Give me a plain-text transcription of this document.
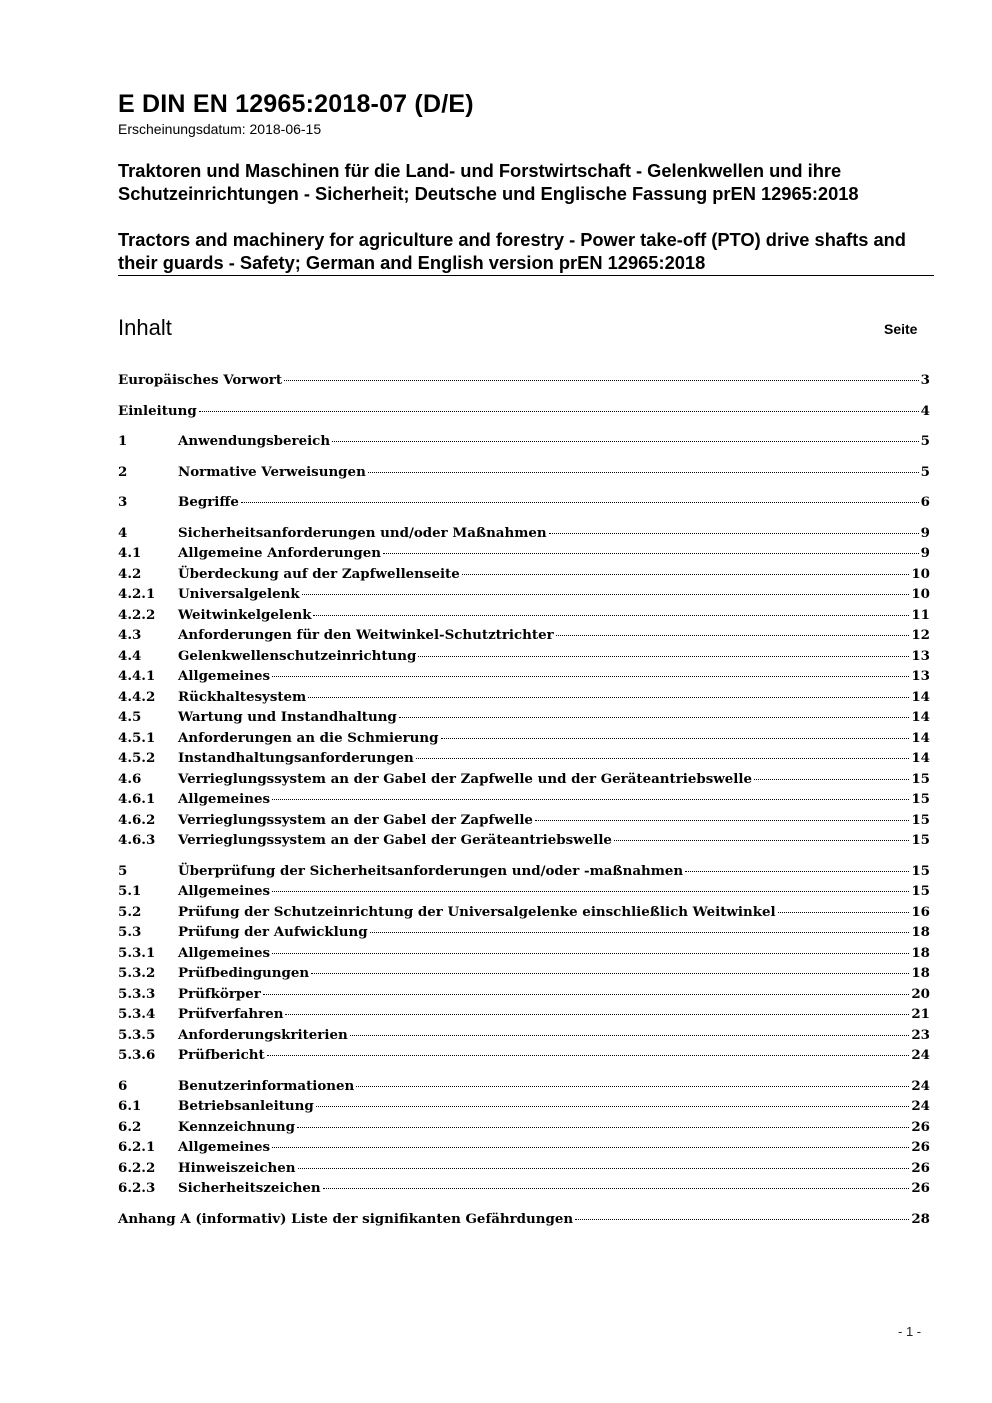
E DIN EN 12965:2018-07 (D/E)
Erscheinungsdatum: 2018-06-15
Traktoren und Maschinen für die Land- und Forstwirtschaft - Gelenkwellen und ihre Schutzeinrichtungen - Sicherheit; Deutsche und Englische Fassung prEN 12965:2018
Tractors and machinery for agriculture and forestry - Power take-off (PTO) drive shafts and their guards - Safety; German and English version prEN 12965:2018
Inhalt	Seite
Europäisches Vorwort	3
Einleitung	4
1	Anwendungsbereich	5
2	Normative Verweisungen	5
3	Begriffe	6
4	Sicherheitsanforderungen und/oder Maßnahmen	9
4.1	Allgemeine Anforderungen	9
4.2	Überdeckung auf der Zapfwellenseite	10
4.2.1	Universalgelenk	10
4.2.2	Weitwinkelgelenk	11
4.3	Anforderungen für den Weitwinkel-Schutztrichter	12
4.4	Gelenkwellenschutzeinrichtung	13
4.4.1	Allgemeines	13
4.4.2	Rückhaltesystem	14
4.5	Wartung und Instandhaltung	14
4.5.1	Anforderungen an die Schmierung	14
4.5.2	Instandhaltungsanforderungen	14
4.6	Verrieglungssystem an der Gabel der Zapfwelle und der Geräteantriebswelle	15
4.6.1	Allgemeines	15
4.6.2	Verrieglungssystem an der Gabel der Zapfwelle	15
4.6.3	Verrieglungssystem an der Gabel der Geräteantriebswelle	15
5	Überprüfung der Sicherheitsanforderungen und/oder -maßnahmen	15
5.1	Allgemeines	15
5.2	Prüfung der Schutzeinrichtung der Universalgelenke einschließlich Weitwinkel	16
5.3	Prüfung der Aufwicklung	18
5.3.1	Allgemeines	18
5.3.2	Prüfbedingungen	18
5.3.3	Prüfkörper	20
5.3.4	Prüfverfahren	21
5.3.5	Anforderungskriterien	23
5.3.6	Prüfbericht	24
6	Benutzerinformationen	24
6.1	Betriebsanleitung	24
6.2	Kennzeichnung	26
6.2.1	Allgemeines	26
6.2.2	Hinweiszeichen	26
6.2.3	Sicherheitszeichen	26
Anhang A (informativ) Liste der signifikanten Gefährdungen	28
- 1 -
